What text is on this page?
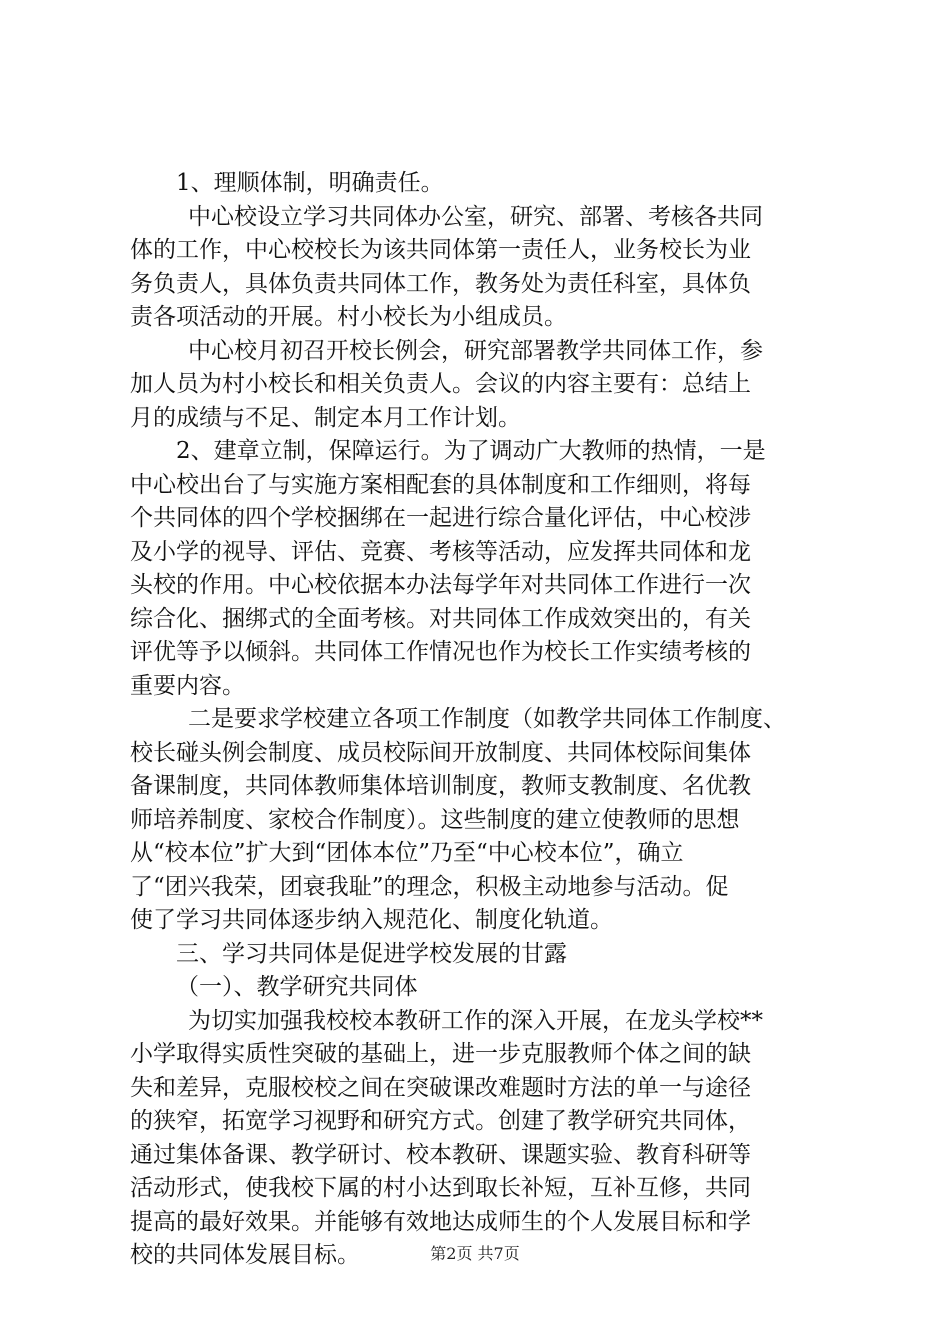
1、理顺体制，明确责任。
中心校设立学习共同体办公室，研究、部署、考核各共同
体的工作，中心校校长为该共同体第一责任人，业务校长为业
务负责人，具体负责共同体工作，教务处为责任科室，具体负
责各项活动的开展。村小校长为小组成员。
中心校月初召开校长例会，研究部署教学共同体工作，参
加人员为村小校长和相关负责人。会议的内容主要有：总结上
月的成绩与不足、制定本月工作计划。
2、建章立制，保障运行。为了调动广大教师的热情，一是
中心校出台了与实施方案相配套的具体制度和工作细则，将每
个共同体的四个学校捆绑在一起进行综合量化评估，中心校涉
及小学的视导、评估、竞赛、考核等活动，应发挥共同体和龙
头校的作用。中心校依据本办法每学年对共同体工作进行一次
综合化、捆绑式的全面考核。对共同体工作成效突出的，有关
评优等予以倾斜。共同体工作情况也作为校长工作实绩考核的
重要内容。
二是要求学校建立各项工作制度（如教学共同体工作制度、
校长碰头例会制度、成员校际间开放制度、共同体校际间集体
备课制度，共同体教师集体培训制度，教师支教制度、名优教
师培养制度、家校合作制度）。这些制度的建立使教师的思想
从“校本位”扩大到“团体本位”乃至“中心校本位”，确立
了“团兴我荣，团衰我耻”的理念，积极主动地参与活动。促
使了学习共同体逐步纳入规范化、制度化轨道。
三、学习共同体是促进学校发展的甘露
（一）、教学研究共同体
为切实加强我校校本教研工作的深入开展，在龙头学校**
小学取得实质性突破的基础上，进一步克服教师个体之间的缺
失和差异，克服校校之间在突破课改难题时方法的单一与途径
的狭窄，拓宽学习视野和研究方式。创建了教学研究共同体，
通过集体备课、教学研讨、校本教研、课题实验、教育科研等
活动形式，使我校下属的村小达到取长补短，互补互修，共同
提高的最好效果。并能够有效地达成师生的个人发展目标和学
校的共同体发展目标。	第2页 共7页
